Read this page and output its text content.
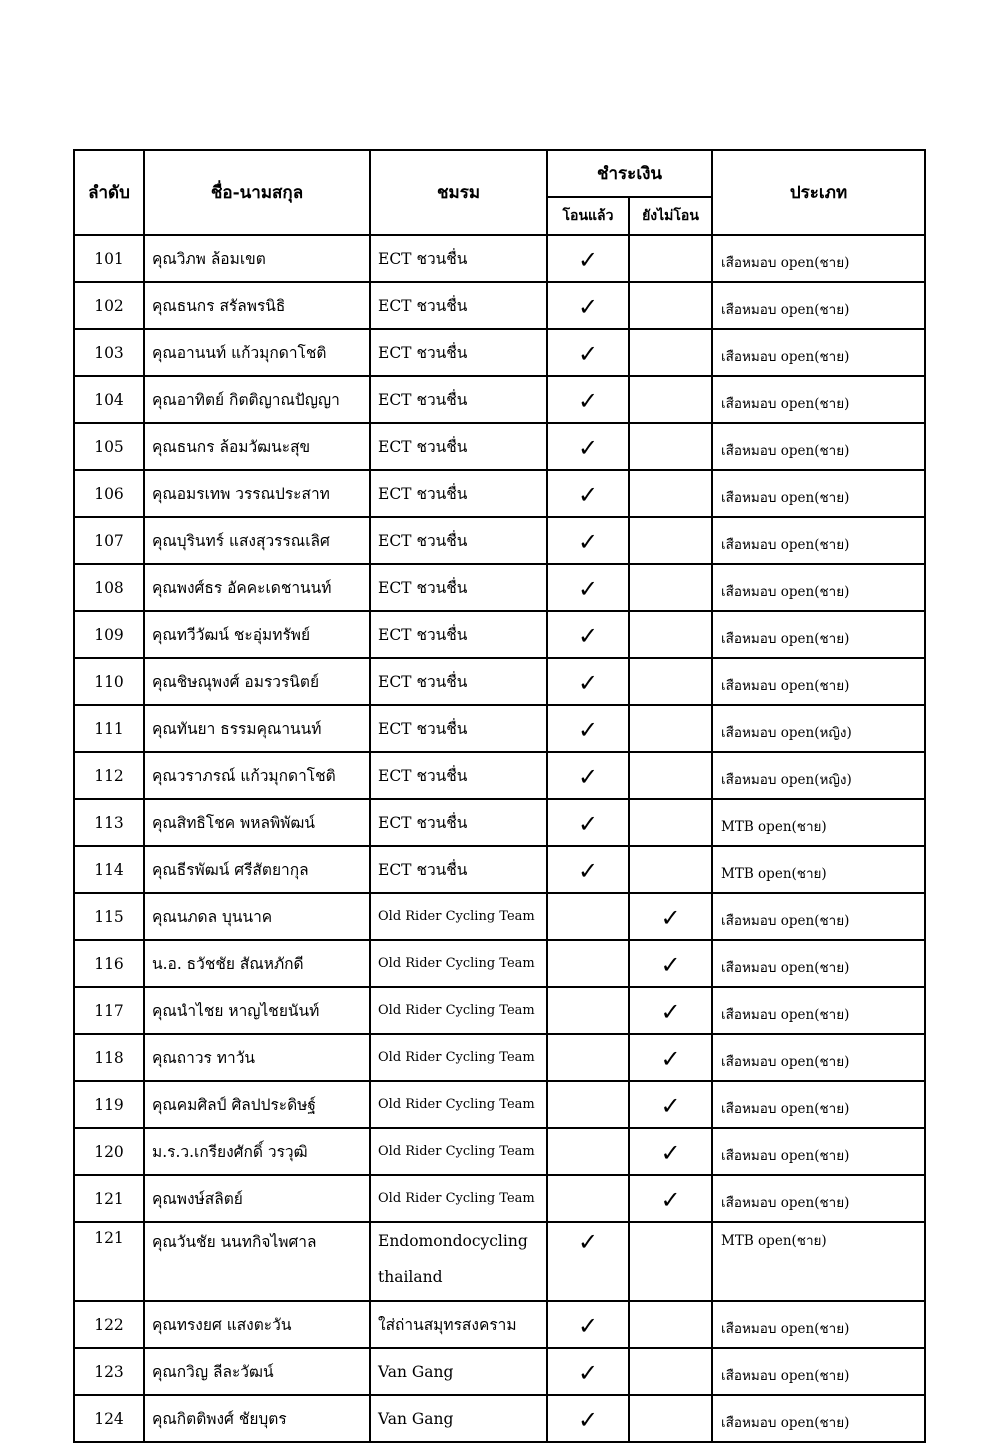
ลำดับ	ชื่อ-นามสกุล	ชมรม	ชำระเงิน		ประเภท
			โอนแล้ว	ยังไม่โอน	
101	คุณวิภพ ล้อมเขต	ECT ชวนชื่น	✓		เสือหมอบ open(ชาย)
102	คุณธนกร สรัลพรนิธิ	ECT ชวนชื่น	✓		เสือหมอบ open(ชาย)
103	คุณอานนท์ แก้วมุกดาโชติ	ECT ชวนชื่น	✓		เสือหมอบ open(ชาย)
104	คุณอาทิตย์ กิตติญาณปัญญา	ECT ชวนชื่น	✓		เสือหมอบ open(ชาย)
105	คุณธนกร ล้อมวัฒนะสุข	ECT ชวนชื่น	✓		เสือหมอบ open(ชาย)
106	คุณอมรเทพ วรรณประสาท	ECT ชวนชื่น	✓		เสือหมอบ open(ชาย)
107	คุณบุรินทร์ แสงสุวรรณเลิศ	ECT ชวนชื่น	✓		เสือหมอบ open(ชาย)
108	คุณพงศ์ธร อัคคะเดชานนท์	ECT ชวนชื่น	✓		เสือหมอบ open(ชาย)
109	คุณทวีวัฒน์ ชะอุ่มทรัพย์	ECT ชวนชื่น	✓		เสือหมอบ open(ชาย)
110	คุณชิษณุพงศ์ อมรวรนิตย์	ECT ชวนชื่น	✓		เสือหมอบ open(ชาย)
111	คุณทันยา ธรรมคุณานนท์	ECT ชวนชื่น	✓		เสือหมอบ open(หญิง)
112	คุณวราภรณ์ แก้วมุกดาโชติ	ECT ชวนชื่น	✓		เสือหมอบ open(หญิง)
113	คุณสิทธิโชค พหลพิพัฒน์	ECT ชวนชื่น	✓		MTB open(ชาย)
114	คุณธีรพัฒน์ ศรีสัตยากุล	ECT ชวนชื่น	✓		MTB open(ชาย)
115	คุณนภดล บุนนาค	Old Rider Cycling Team		✓	เสือหมอบ open(ชาย)
116	น.อ. ธวัชชัย สัณหภักดี	Old Rider Cycling Team		✓	เสือหมอบ open(ชาย)
117	คุณนำไชย หาญไชยนันท์	Old Rider Cycling Team		✓	เสือหมอบ open(ชาย)
118	คุณถาวร ทาวัน	Old Rider Cycling Team		✓	เสือหมอบ open(ชาย)
119	คุณคมศิลป์ ศิลปประดิษฐ์	Old Rider Cycling Team		✓	เสือหมอบ open(ชาย)
120	ม.ร.ว.เกรียงศักดิ์ วรวุฒิ	Old Rider Cycling Team		✓	เสือหมอบ open(ชาย)
121	คุณพงษ์สลิตย์	Old Rider Cycling Team		✓	เสือหมอบ open(ชาย)
121	คุณวันชัย นนทกิจไพศาล	Endomondocycling thailand	✓		MTB open(ชาย)
122	คุณทรงยศ แสงตะวัน	ใส่ถ่านสมุทรสงคราม	✓		เสือหมอบ open(ชาย)
123	คุณกวิญ ลีละวัฒน์	Van Gang	✓		เสือหมอบ open(ชาย)
124	คุณกิตติพงศ์ ชัยบุตร	Van Gang	✓		เสือหมอบ open(ชาย)
